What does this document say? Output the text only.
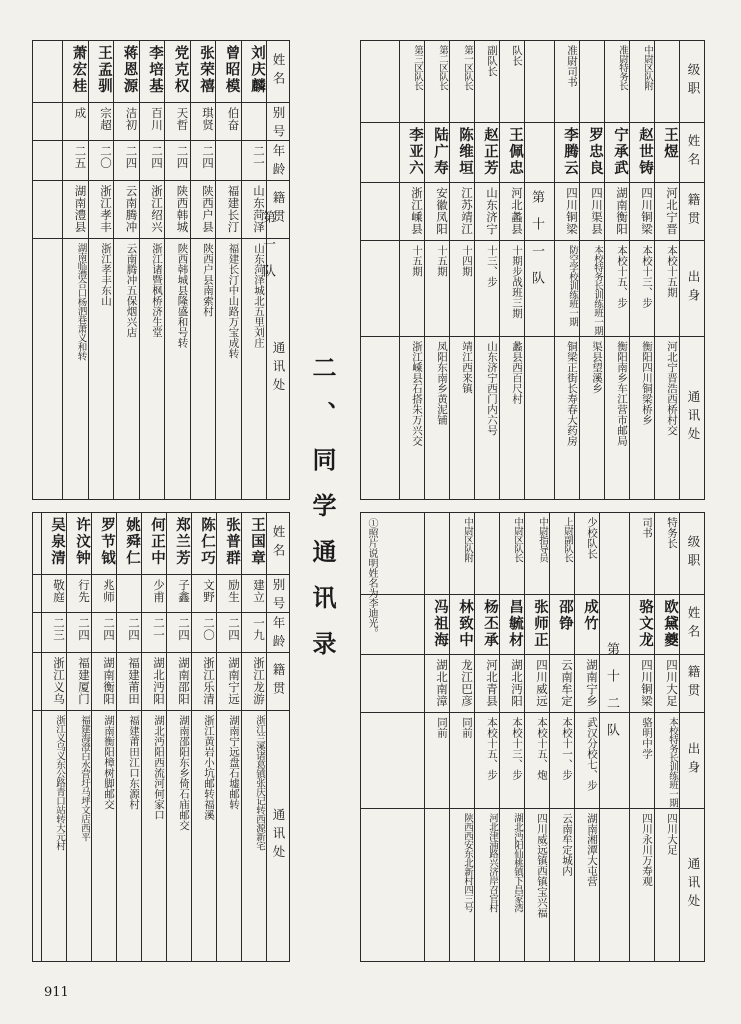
二、同学通讯录
911
姓名
别号
年龄
籍贯
通讯处
刘庆麟
二一
山东菏泽
山东菏泽城北五里刘庄
曾昭模
伯奋
福建长汀
福建长汀中山路万宝成转
张荣禧
琪贤
二四
陕西户县
陕西户县南索村
党克权
天哲
二四
陕西韩城
陕西韩城县隆盛和号转
李培基
百川
二四
浙江绍兴
浙江诸暨枫桥济生堂
蒋恩源
洁初
二四
云南腾冲
云南腾冲五保烟兴店
王孟驯
宗超
二〇
浙江孝丰
浙江孝丰东山
萧宏桂
成
二五
湖南澧县
湖南临澧合口杨泗巷萧义和转	第一队
姓名
别号
年龄
籍贯
通讯处
王国章
建立
一九
浙江龙游
浙江兰溪诸葛镇张庆记转西源新宅
张普群
励生
二四
湖南宁远
湖南宁远盘石墟邮转
陈仁巧
文野
二〇
浙江乐清
浙江黄岩小坑邮转福溪
郑兰芳
子鑫
二四
湖南邵阳
湖南邵阳东乡倚石庙邮交
何正中
少甫
二一
湖北沔阳
湖北沔阳西流河何家口
姚舜仁
二四
福建莆田
福建莆田江口东源村
罗节钺
兆师
二四
湖南衡阳
湖南衡阳樟树脚邮交
许汶钟
行先
二四
福建厦门
福建海澄白水营圩马坪文店西平
吴泉清
敬庭
二三
浙江义乌
浙江义乌义东公路青口站转大元村
级职
姓名
籍贯
出身
通讯处
王煜
河北宁晋
本校十五期
河北宁晋浩西桥村交
中尉区队附
赵世铸
四川铜梁
本校十三、步
衡阳四川铜梁桥乡
准尉特务长
宁承武
湖南衡阳
本校十五、步
衡阳南乡车江营市邮局
罗忠良
四川渠县
本校特务长训练班一期
渠县望溪乡
准尉司书
李腾云
四川铜梁
防空学校训练班一期
铜梁正街长寿春大药房
第十一队
队长
王佩忠
河北蠡县
十期步战班三期
蠡县西百尺村
副队长
赵正芳
山东济宁
十三、步
山东济宁西门内六号
第一区队长
陈维垣
江苏靖江
十四期
靖江西来镇
第二区队长
陆广寿
安徽凤阳
十五期
凤阳东南乡黄泥铺
第三区队长
李亚六
浙江嵊县
十五期
浙江嵊县石搭朱万兴交
级职
姓名
籍贯
出身
通讯处
特务长
欧黛夔
四川大足
本校特务长训练班一期
四川大足
司书
骆文龙
四川铜梁
骆明中学
四川永川万寿观
第十二队
少校队长
成竹
湖南宁乡
武汉分校七、步
湖南湘潭大屯营
上尉副队长
邵铮
云南牟定
本校十一、步
云南牟定城内
中尉指导员
张师正
四川威远
本校十五、炮
四川威远镇西镇宝兴福
中尉区队长
昌毓材
湖北沔阳
本校十三、步
湖北沔阳仙桃镇下昌家湾
杨丕承
河北青县
本校十五、步
河北津浦路兴济岸召官村
中尉区队附
林致中
龙江巴彦
同前
陕西西安东北新村四三号
冯祖海
湖北南漳
同前
①照片说明姓名为李迪光。
